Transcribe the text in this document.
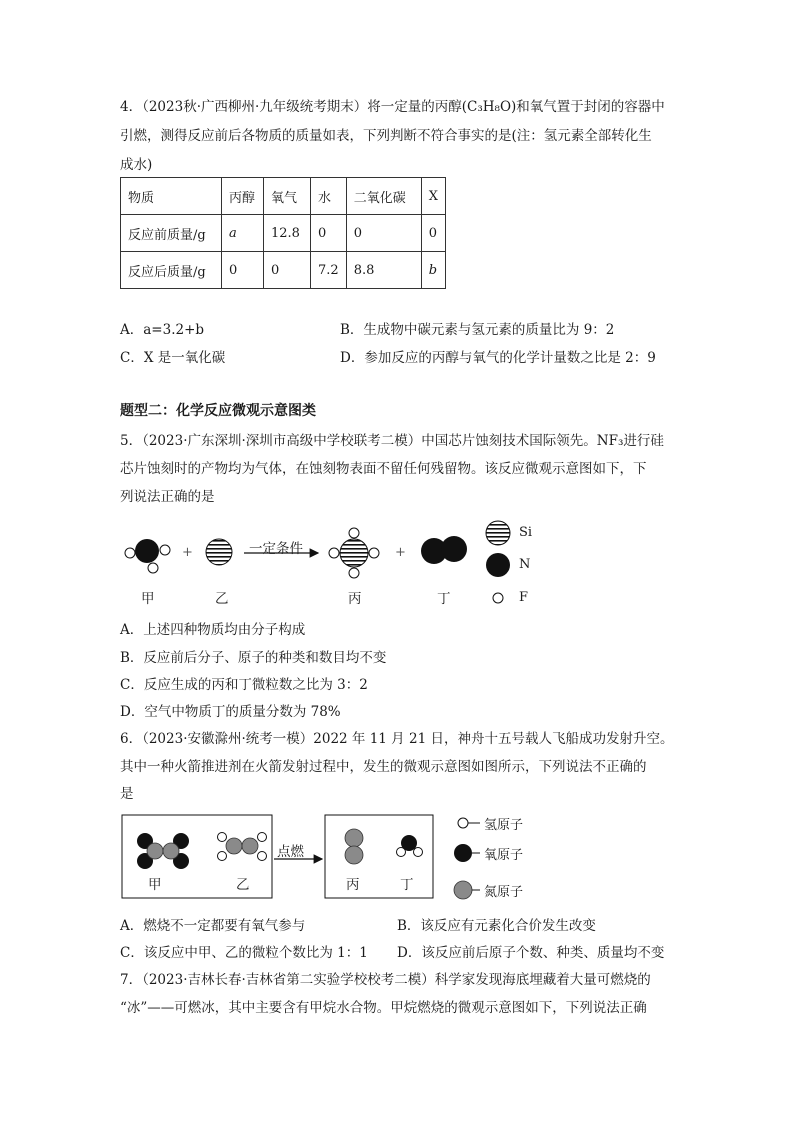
4．（2023秋·广西柳州·九年级统考期末）将一定量的丙醇(C₃H₈O)和氧气置于封闭的容器中
引燃，测得反应前后各物质的质量如表，下列判断不符合事实的是(注：氢元素全部转化生
成水)
物质	丙醇	氧气	水	二氧化碳	X
反应前质量/g	a	12.8	0	0	0
反应后质量/g	0	0	7.2	8.8	b
A．a=3.2+b	B．生成物中碳元素与氢元素的质量比为 9：2
C．X 是一氧化碳	D．参加反应的丙醇与氧气的化学计量数之比是 2：9
题型二：化学反应微观示意图类
5．（2023·广东深圳·深圳市高级中学校联考二模）中国芯片蚀刻技术国际领先。NF₃进行硅
芯片蚀刻时的产物均为气体，在蚀刻物表面不留任何残留物。该反应微观示意图如下，下
列说法正确的是
+	+
一定条件
甲	乙	丙	丁
Si
N
F
A．上述四种物质均由分子构成
B．反应前后分子、原子的种类和数目均不变
C．反应生成的丙和丁微粒数之比为 3：2
D．空气中物质丁的质量分数为 78%
6．（2023·安徽滁州·统考一模）2022 年 11 月 21 日，神舟十五号载人飞船成功发射升空。
其中一种火箭推进剂在火箭发射过程中，发生的微观示意图如图所示，下列说法不正确的
是
点燃
甲	乙	丙	丁
氢原子
氧原子
氮原子
A．燃烧不一定都要有氧气参与	B．该反应有元素化合价发生改变
C．该反应中甲、乙的微粒个数比为 1：1 D．该反应前后原子个数、种类、质量均不变
7．（2023·吉林长春·吉林省第二实验学校校考二模）科学家发现海底埋藏着大量可燃烧的
“冰”——可燃冰，其中主要含有甲烷水合物。甲烷燃烧的微观示意图如下，下列说法正确
